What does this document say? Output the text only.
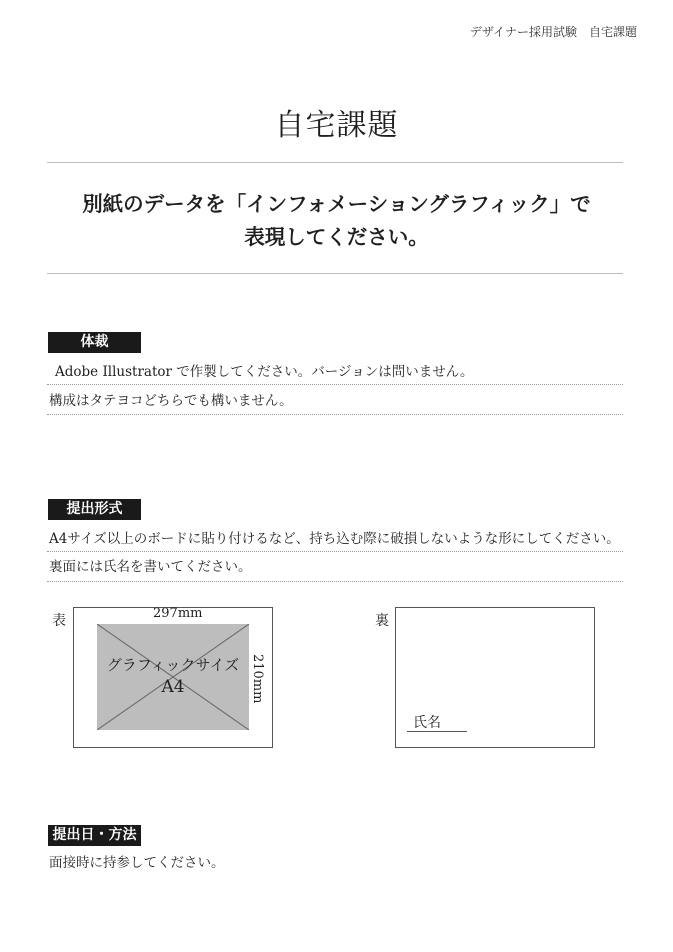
デザイナー採用試験　自宅課題
自宅課題
別紙のデータを「インフォメーショングラフィック」で
表現してください。
体裁
Adobe Illustrator で作製してください。バージョンは問いません。
構成はタテヨコどちらでも構いません。
提出形式
A4サイズ以上のボードに貼り付けるなど、持ち込む際に破損しないような形にしてください。
裏面には氏名を書いてください。
表	297mm
グラフィックサイズ
A4	210mm
裏
氏名
提出日・方法
面接時に持参してください。
